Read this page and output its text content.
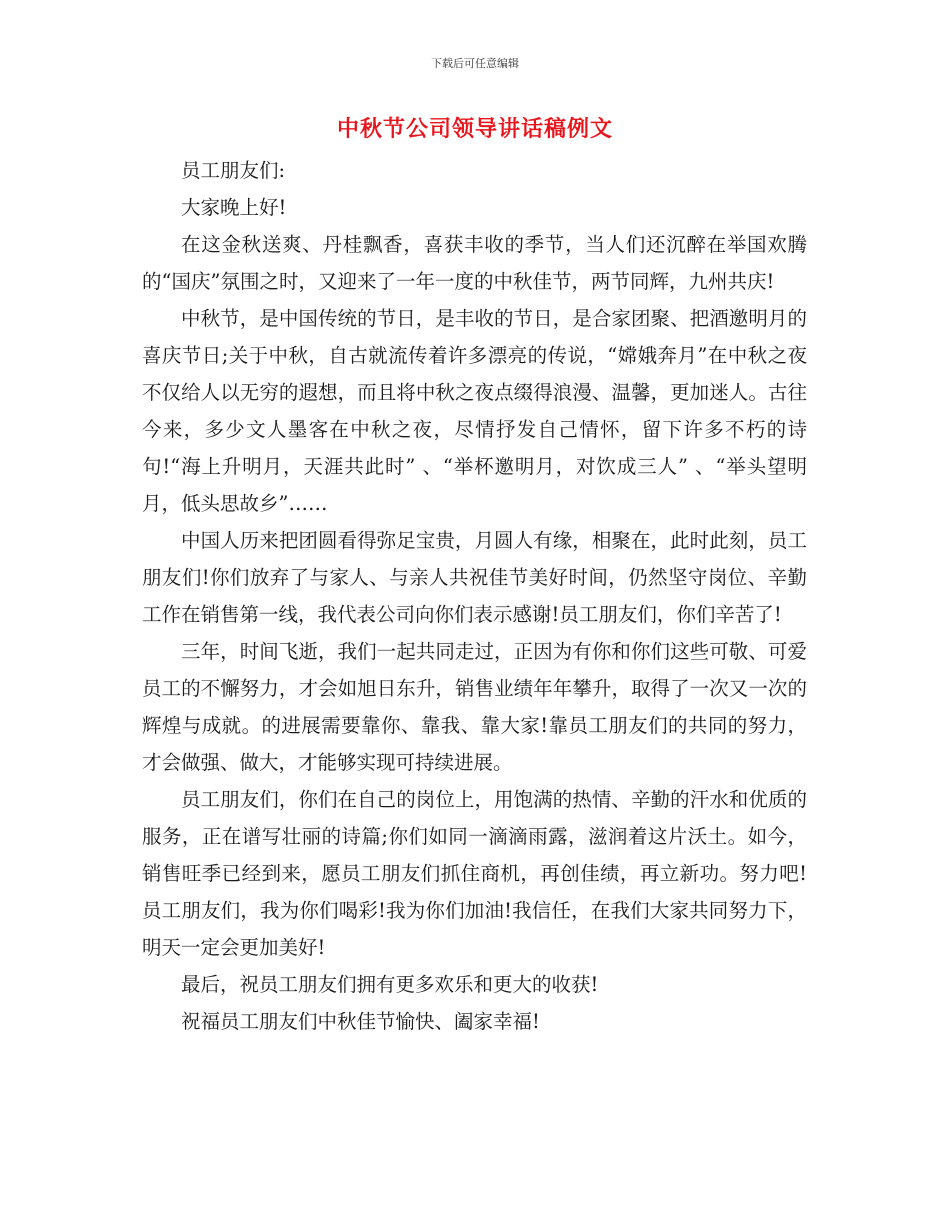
下载后可任意编辑
中秋节公司领导讲话稿例文

员工朋友们:

大家晚上好!

在这金秋送爽、丹桂飘香，喜获丰收的季节，当人们还沉醉在举国欢腾的“国庆”氛围之时，又迎来了一年一度的中秋佳节，两节同辉，九州共庆!

中秋节，是中国传统的节日，是丰收的节日，是合家团聚、把酒邀明月的喜庆节日;关于中秋，自古就流传着许多漂亮的传说，“嫦娥奔月”在中秋之夜不仅给人以无穷的遐想，而且将中秋之夜点缀得浪漫、温馨，更加迷人。古往今来，多少文人墨客在中秋之夜，尽情抒发自己情怀，留下许多不朽的诗句!“海上升明月，天涯共此时” 、“举杯邀明月，对饮成三人” 、“举头望明月，低头思故乡”……

中国人历来把团圆看得弥足宝贵，月圆人有缘，相聚在，此时此刻，员工朋友们!你们放弃了与家人、与亲人共祝佳节美好时间，仍然坚守岗位、辛勤工作在销售第一线，我代表公司向你们表示感谢!员工朋友们，你们辛苦了!

三年，时间飞逝，我们一起共同走过，正因为有你和你们这些可敬、可爱员工的不懈努力，才会如旭日东升，销售业绩年年攀升，取得了一次又一次的辉煌与成就。的进展需要靠你、靠我、靠大家!靠员工朋友们的共同的努力，才会做强、做大，才能够实现可持续进展。

员工朋友们，你们在自己的岗位上，用饱满的热情、辛勤的汗水和优质的服务，正在谱写壮丽的诗篇;你们如同一滴滴雨露，滋润着这片沃土。如今，销售旺季已经到来，愿员工朋友们抓住商机，再创佳绩，再立新功。努力吧!员工朋友们，我为你们喝彩!我为你们加油!我信任，在我们大家共同努力下，明天一定会更加美好!

最后，祝员工朋友们拥有更多欢乐和更大的收获!

祝福员工朋友们中秋佳节愉快、阖家幸福!
